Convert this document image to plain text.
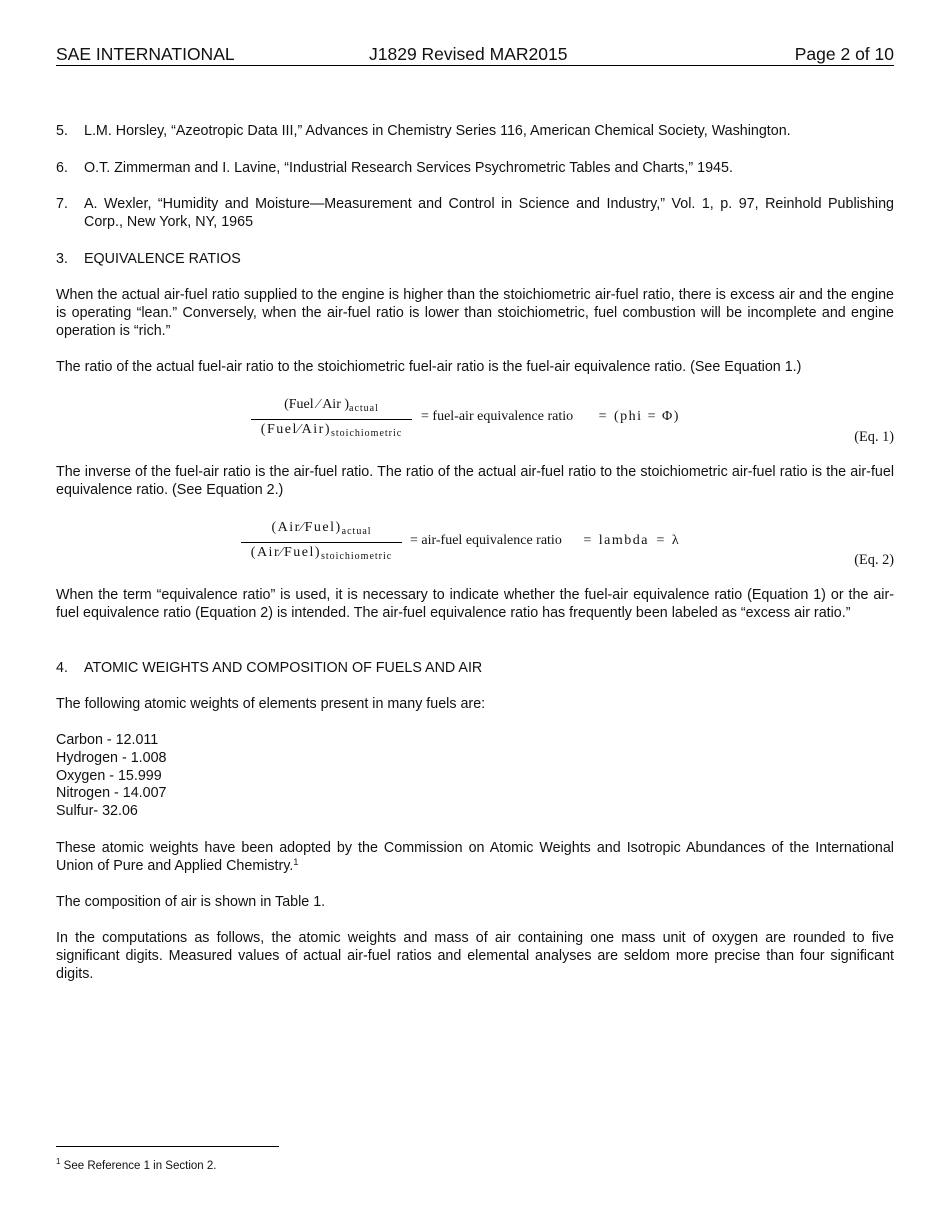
SAE INTERNATIONAL	J1829 Revised MAR2015	Page 2 of 10
5. L.M. Horsley, “Azeotropic Data III,” Advances in Chemistry Series 116, American Chemical Society, Washington.
6. O.T. Zimmerman and I. Lavine, “Industrial Research Services Psychrometric Tables and Charts,” 1945.
7. A. Wexler, “Humidity and Moisture—Measurement and Control in Science and Industry,” Vol. 1, p. 97, Reinhold Publishing Corp., New York, NY, 1965
3. EQUIVALENCE RATIOS
When the actual air-fuel ratio supplied to the engine is higher than the stoichiometric air-fuel ratio, there is excess air and the engine is operating “lean.” Conversely, when the air-fuel ratio is lower than stoichiometric, fuel combustion will be incomplete and engine operation is “rich.”
The ratio of the actual fuel-air ratio to the stoichiometric fuel-air ratio is the fuel-air equivalence ratio. (See Equation 1.)
(Fuel ⁄ Air )$_{actual}$
$(Fuel⁄Air)_{stoichiometric}$
= fuel-air equivalence ratio = (phi = Φ)
(Eq. 1)
The inverse of the fuel-air ratio is the air-fuel ratio. The ratio of the actual air-fuel ratio to the stoichiometric air-fuel ratio is the air-fuel equivalence ratio. (See Equation 2.)
$(Air⁄Fuel)_{actual}$
$(Air⁄Fuel)_{stoichiometric}$
= air-fuel equivalence ratio = lambda = λ
(Eq. 2)
When the term “equivalence ratio” is used, it is necessary to indicate whether the fuel-air equivalence ratio (Equation 1) or the air-fuel equivalence ratio (Equation 2) is intended. The air-fuel equivalence ratio has frequently been labeled as “excess air ratio.”
4. ATOMIC WEIGHTS AND COMPOSITION OF FUELS AND AIR
The following atomic weights of elements present in many fuels are:
Carbon - 12.011
Hydrogen - 1.008
Oxygen - 15.999
Nitrogen - 14.007
Sulfur- 32.06
These atomic weights have been adopted by the Commission on Atomic Weights and Isotropic Abundances of the International Union of Pure and Applied Chemistry.$^1$
The composition of air is shown in Table 1.
In the computations as follows, the atomic weights and mass of air containing one mass unit of oxygen are rounded to five significant digits. Measured values of actual air-fuel ratios and elemental analyses are seldom more precise than four significant digits.
$^1$ See Reference 1 in Section 2.
